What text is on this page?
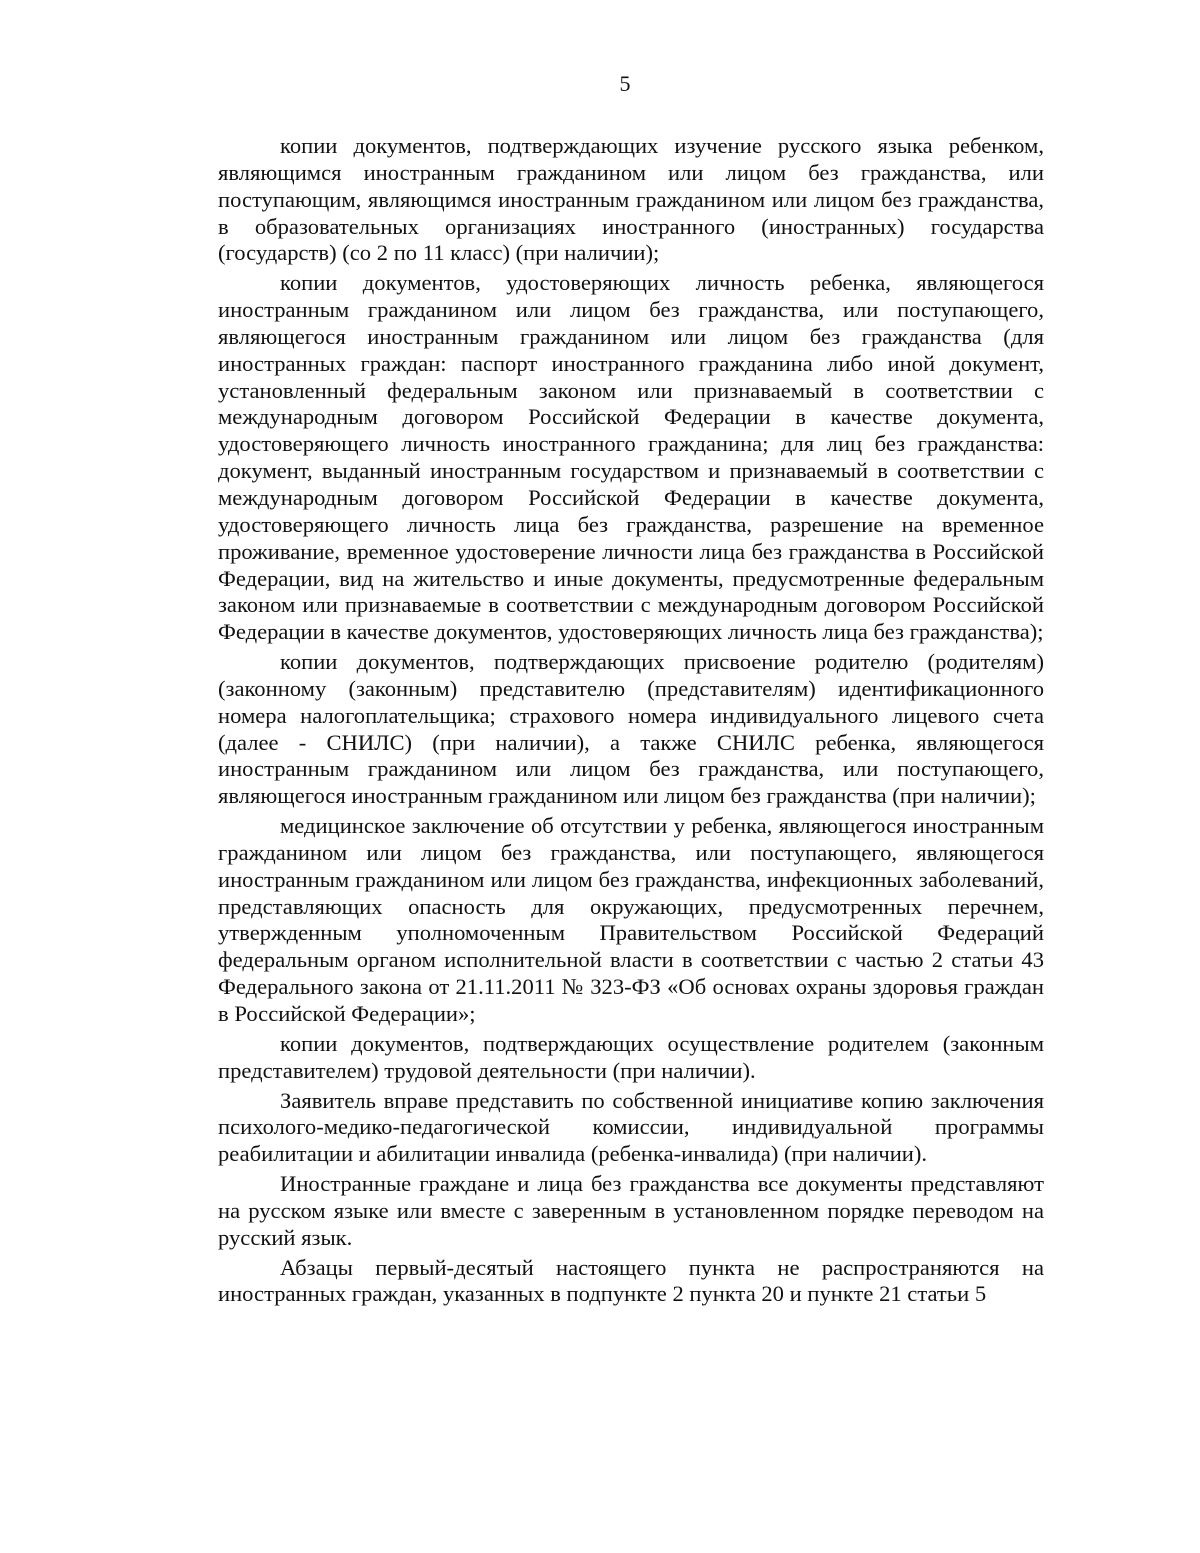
5

копии документов, подтверждающих изучение русского языка ребенком, являющимся иностранным гражданином или лицом без гражданства, или поступающим, являющимся иностранным гражданином или лицом без гражданства, в образовательных организациях иностранного (иностранных) государства (государств) (со 2 по 11 класс) (при наличии);

копии документов, удостоверяющих личность ребенка, являющегося иностранным гражданином или лицом без гражданства, или поступающего, являющегося иностранным гражданином или лицом без гражданства (для иностранных граждан: паспорт иностранного гражданина либо иной документ, установленный федеральным законом или признаваемый в соответствии с международным договором Российской Федерации в качестве документа, удостоверяющего личность иностранного гражданина; для лиц без гражданства: документ, выданный иностранным государством и признаваемый в соответствии с международным договором Российской Федерации в качестве документа, удостоверяющего личность лица без гражданства, разрешение на временное проживание, временное удостоверение личности лица без гражданства в Российской Федерации, вид на жительство и иные документы, предусмотренные федеральным законом или признаваемые в соответствии с международным договором Российской Федерации в качестве документов, удостоверяющих личность лица без гражданства);

копии документов, подтверждающих присвоение родителю (родителям) (законному (законным) представителю (представителям) идентификационного номера налогоплательщика; страхового номера индивидуального лицевого счета (далее - СНИЛС) (при наличии), а также СНИЛС ребенка, являющегося иностранным гражданином или лицом без гражданства, или поступающего, являющегося иностранным гражданином или лицом без гражданства (при наличии);

медицинское заключение об отсутствии у ребенка, являющегося иностранным гражданином или лицом без гражданства, или поступающего, являющегося иностранным гражданином или лицом без гражданства, инфекционных заболеваний, представляющих опасность для окружающих, предусмотренных перечнем, утвержденным уполномоченным Правительством Российской Федераций федеральным органом исполнительной власти в соответствии с частью 2 статьи 43 Федерального закона от 21.11.2011 № 323-ФЗ «Об основах охраны здоровья граждан в Российской Федерации»;

копии документов, подтверждающих осуществление родителем (законным представителем) трудовой деятельности (при наличии).

Заявитель вправе представить по собственной инициативе копию заключения психолого-медико-педагогической комиссии, индивидуальной программы реабилитации и абилитации инвалида (ребенка-инвалида) (при наличии).

Иностранные граждане и лица без гражданства все документы представляют на русском языке или вместе с заверенным в установленном порядке переводом на русский язык.

Абзацы первый-десятый настоящего пункта не распространяются на иностранных граждан, указанных в подпункте 2 пункта 20 и пункте 21 статьи 5
